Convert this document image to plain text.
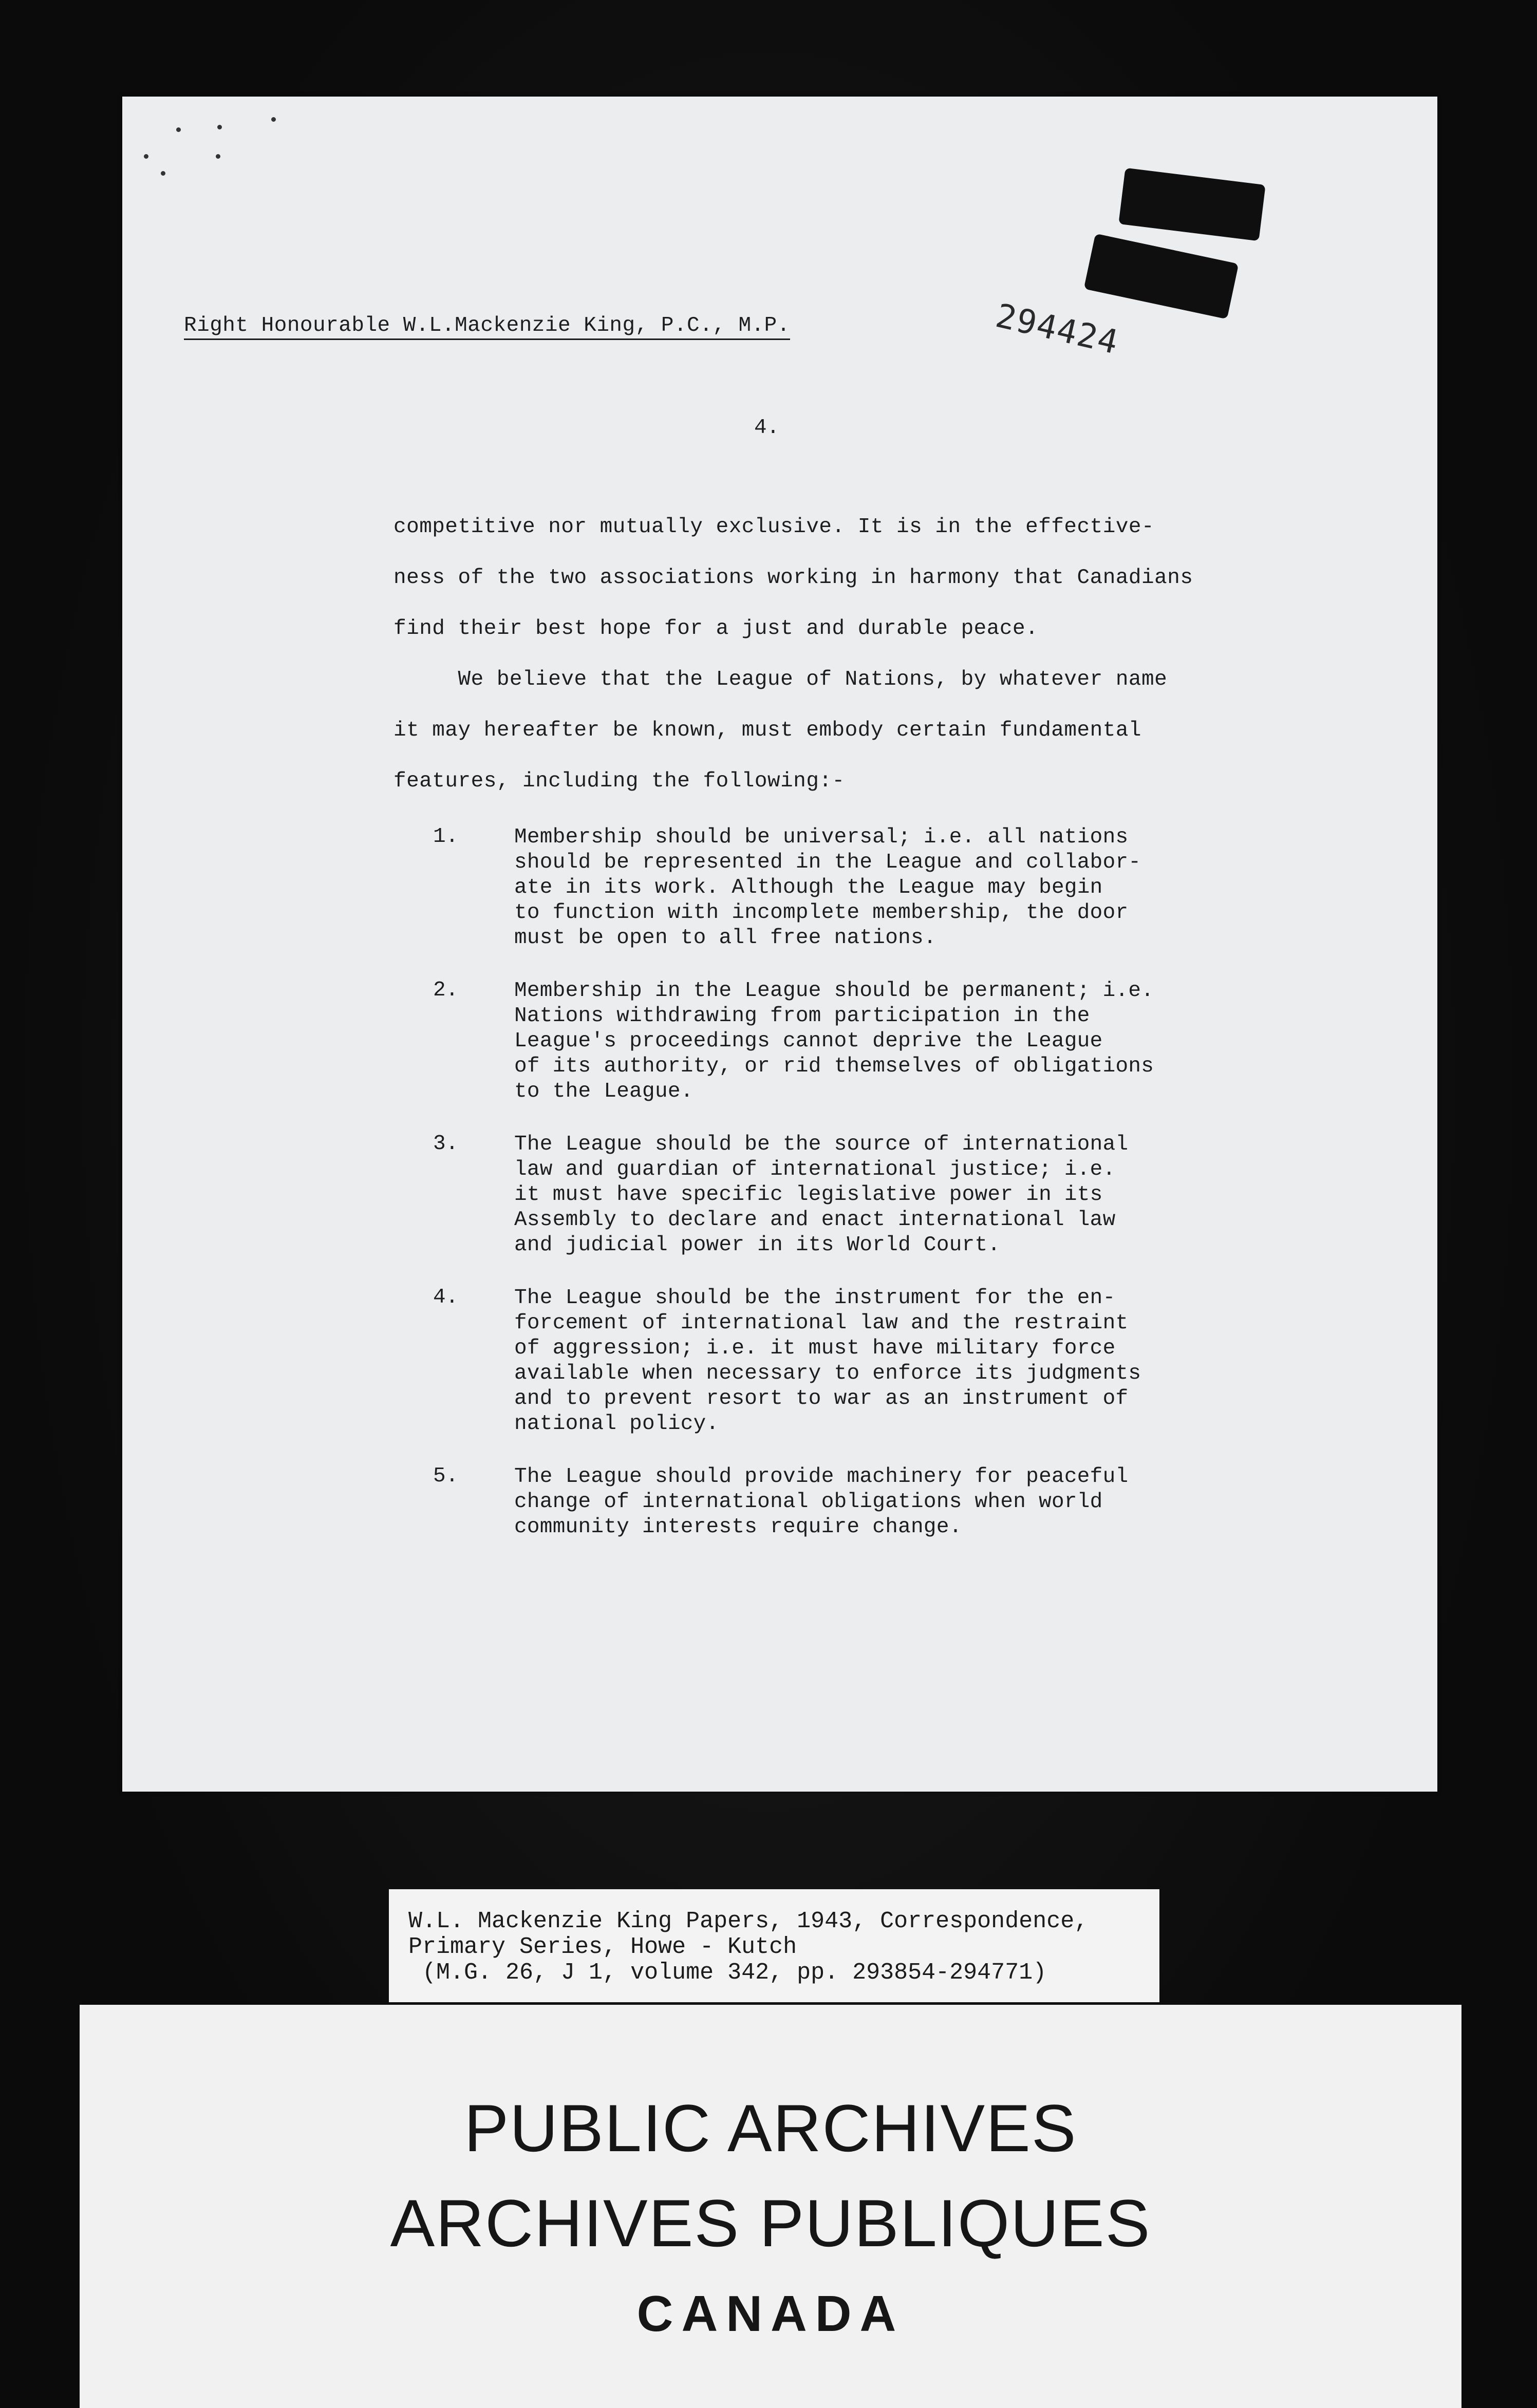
294424
Right Honourable W.L.Mackenzie King, P.C., M.P.
4.
competitive nor mutually exclusive. It is in the effective-
ness of the two associations working in harmony that Canadians
find their best hope for a just and durable peace.
We believe that the League of Nations, by whatever name
it may hereafter be known, must embody certain fundamental
features, including the following:-
1.	Membership should be universal; i.e. all nations
should be represented in the League and collabor-
ate in its work. Although the League may begin
to function with incomplete membership, the door
must be open to all free nations.
2.	Membership in the League should be permanent; i.e.
Nations withdrawing from participation in the
League's proceedings cannot deprive the League
of its authority, or rid themselves of obligations
to the League.
3.	The League should be the source of international
law and guardian of international justice; i.e.
it must have specific legislative power in its
Assembly to declare and enact international law
and judicial power in its World Court.
4.	The League should be the instrument for the en-
forcement of international law and the restraint
of aggression; i.e. it must have military force
available when necessary to enforce its judgments
and to prevent resort to war as an instrument of
national policy.
5.	The League should provide machinery for peaceful
change of international obligations when world
community interests require change.
W.L. Mackenzie King Papers, 1943, Correspondence,
Primary Series, Howe - Kutch
(M.G. 26, J 1, volume 342, pp. 293854-294771)
PUBLIC ARCHIVES
ARCHIVES PUBLIQUES
CANADA
